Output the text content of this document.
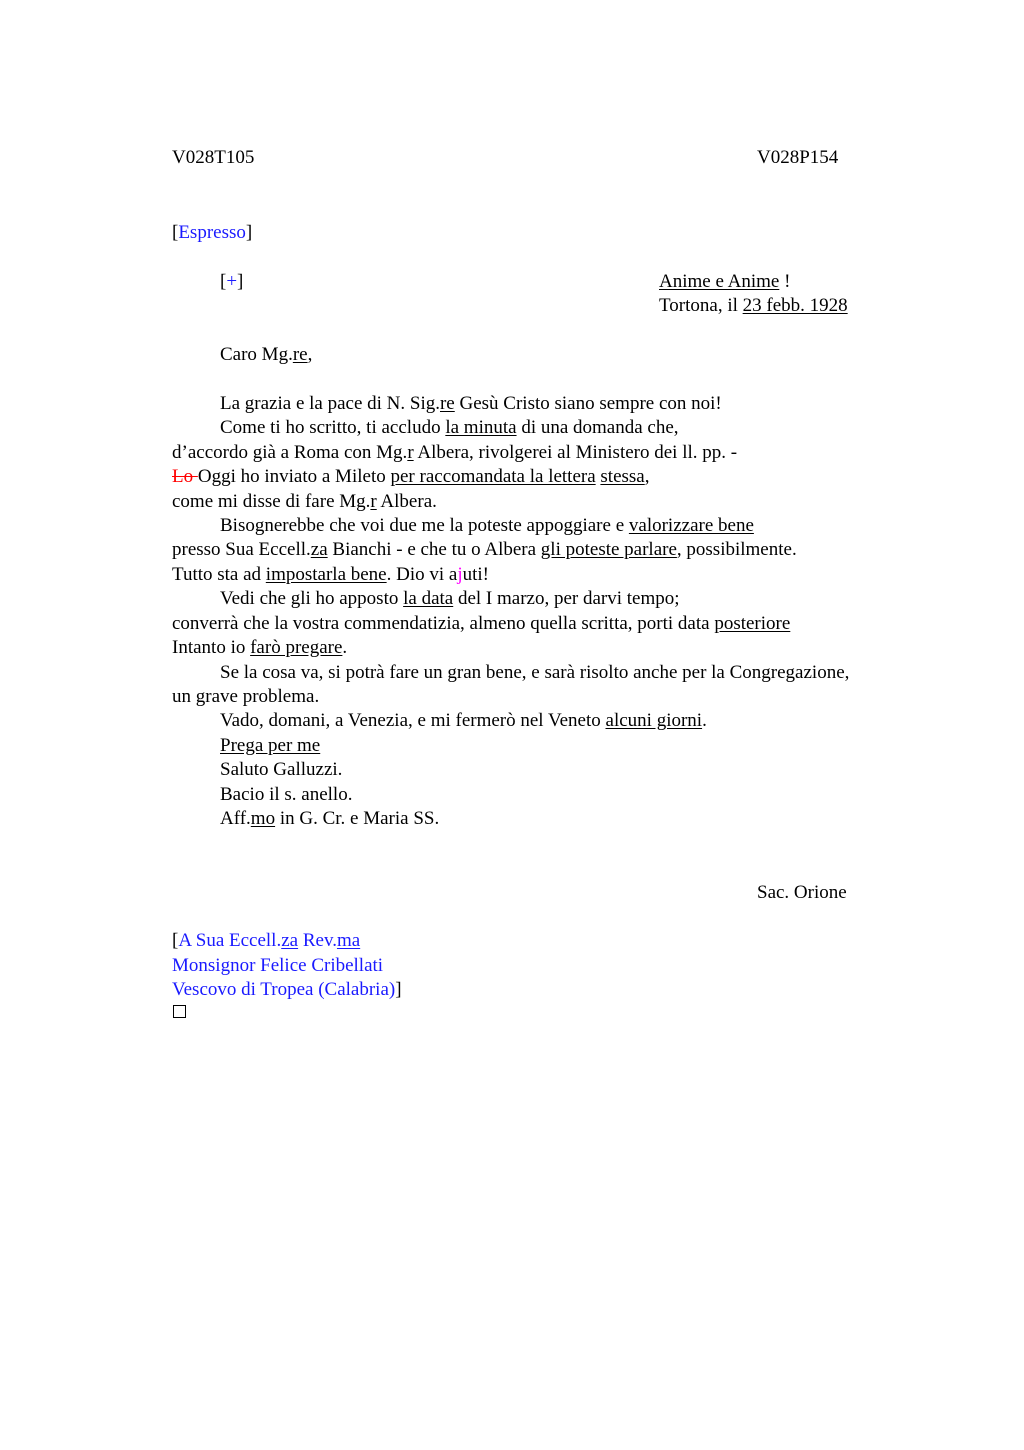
V028T105	V028P154
[Espresso]
[+]	Anime e Anime !
Tortona, il 23 febb. 1928
Caro Mg.re,
La grazia e la pace di N. Sig.re Gesù Cristo siano sempre con noi!
Come ti ho scritto, ti accludo la minuta di una domanda che,
d’accordo già a Roma con Mg.r Albera, rivolgerei al Ministero dei ll. pp. -
Lo Oggi ho inviato a Mileto per raccomandata la lettera stessa,
come mi disse di fare Mg.r Albera.
Bisognerebbe che voi due me la poteste appoggiare e valorizzare bene
presso Sua Eccell.za Bianchi - e che tu o Albera gli poteste parlare, possibilmente.
Tutto sta ad impostarla bene. Dio vi ajuti!
Vedi che gli ho apposto la data del I marzo, per darvi tempo;
converrà che la vostra commendatizia, almeno quella scritta, porti data posteriore
Intanto io farò pregare.
Se la cosa va, si potrà fare un gran bene, e sarà risolto anche per la Congregazione,
un grave problema.
Vado, domani, a Venezia, e mi fermerò nel Veneto alcuni giorni.
Prega per me
Saluto Galluzzi.
Bacio il s. anello.
Aff.mo in G. Cr. e Maria SS.
Sac. Orione
[A Sua Eccell.za Rev.ma
Monsignor Felice Cribellati
Vescovo di Tropea (Calabria)]
